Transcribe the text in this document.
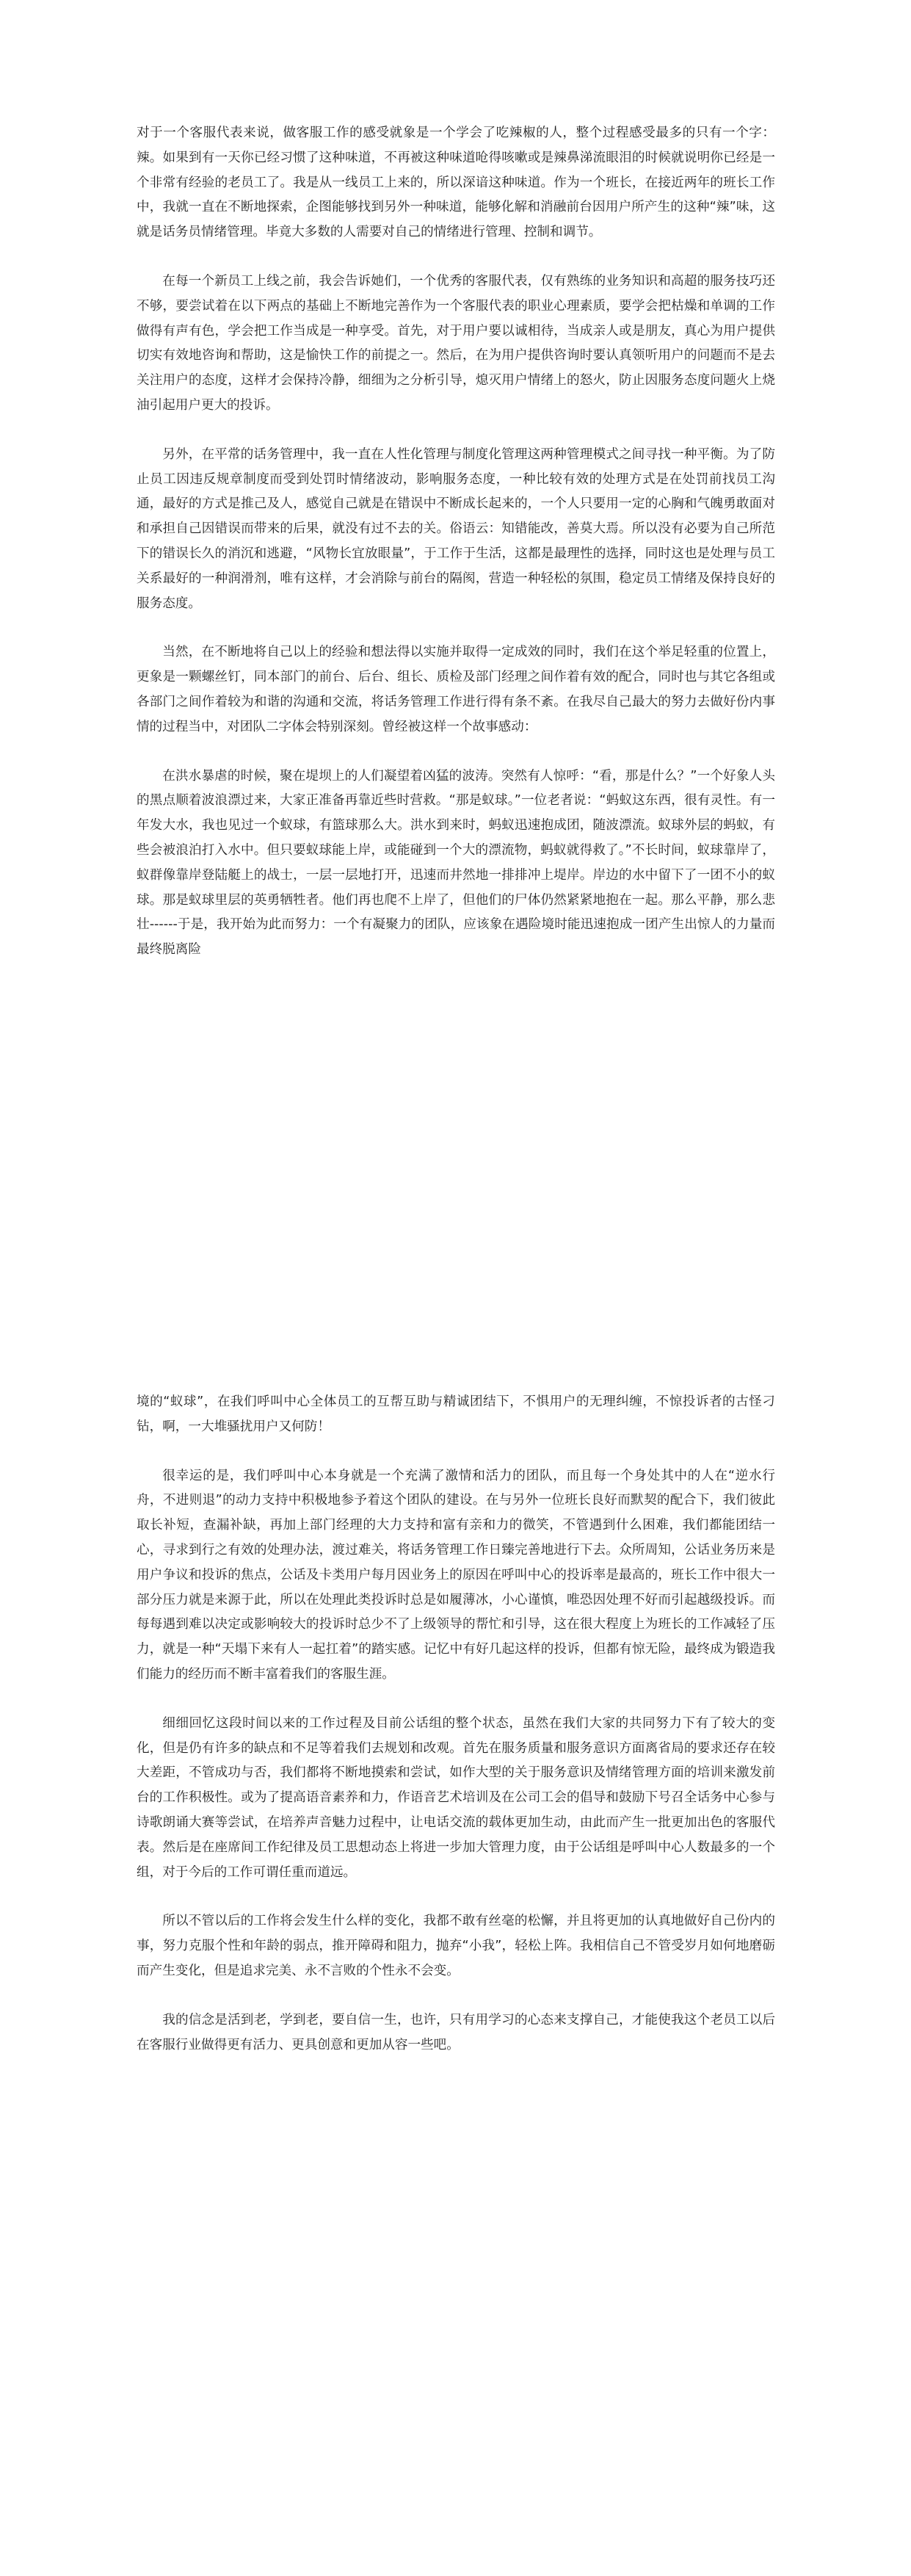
对于一个客服代表来说，做客服工作的感受就象是一个学会了吃辣椒的人，整个过程感受最多的只有一个字：辣。如果到有一天你已经习惯了这种味道，不再被这种味道呛得咳嗽或是辣鼻涕流眼泪的时候就说明你已经是一个非常有经验的老员工了。我是从一线员工上来的，所以深谙这种味道。作为一个班长，在接近两年的班长工作中，我就一直在不断地探索，企图能够找到另外一种味道，能够化解和消融前台因用户所产生的这种“辣”味，这就是话务员情绪管理。毕竟大多数的人需要对自己的情绪进行管理、控制和调节。

在每一个新员工上线之前，我会告诉她们，一个优秀的客服代表，仅有熟练的业务知识和高超的服务技巧还不够，要尝试着在以下两点的基础上不断地完善作为一个客服代表的职业心理素质，要学会把枯燥和单调的工作做得有声有色，学会把工作当成是一种享受。首先，对于用户要以诚相待，当成亲人或是朋友，真心为用户提供切实有效地咨询和帮助，这是愉快工作的前提之一。然后，在为用户提供咨询时要认真领听用户的问题而不是去关注用户的态度，这样才会保持冷静，细细为之分析引导，熄灭用户情绪上的怒火，防止因服务态度问题火上烧油引起用户更大的投诉。

另外，在平常的话务管理中，我一直在人性化管理与制度化管理这两种管理模式之间寻找一种平衡。为了防止员工因违反规章制度而受到处罚时情绪波动，影响服务态度，一种比较有效的处理方式是在处罚前找员工沟通，最好的方式是推己及人，感觉自己就是在错误中不断成长起来的，一个人只要用一定的心胸和气魄勇敢面对和承担自己因错误而带来的后果，就没有过不去的关。俗语云：知错能改，善莫大焉。所以没有必要为自己所范下的错误长久的消沉和逃避，“风物长宜放眼量”，于工作于生活，这都是最理性的选择，同时这也是处理与员工关系最好的一种润滑剂，唯有这样，才会消除与前台的隔阂，营造一种轻松的氛围，稳定员工情绪及保持良好的服务态度。

当然，在不断地将自己以上的经验和想法得以实施并取得一定成效的同时，我们在这个举足轻重的位置上，更象是一颗螺丝钉，同本部门的前台、后台、组长、质检及部门经理之间作着有效的配合，同时也与其它各组或各部门之间作着较为和谐的沟通和交流，将话务管理工作进行得有条不紊。在我尽自己最大的努力去做好份内事情的过程当中，对团队二字体会特别深刻。曾经被这样一个故事感动：

在洪水暴虐的时候，聚在堤坝上的人们凝望着凶猛的波涛。突然有人惊呼：“看，那是什么？”一个好象人头的黑点顺着波浪漂过来，大家正准备再靠近些时营救。“那是蚁球。”一位老者说：“蚂蚁这东西，很有灵性。有一年发大水，我也见过一个蚁球，有篮球那么大。洪水到来时，蚂蚁迅速抱成团，随波漂流。蚁球外层的蚂蚁，有些会被浪泊打入水中。但只要蚁球能上岸，或能碰到一个大的漂流物，蚂蚁就得救了。”不长时间，蚁球靠岸了，蚁群像靠岸登陆艇上的战士，一层一层地打开，迅速而井然地一排排冲上堤岸。岸边的水中留下了一团不小的蚁球。那是蚁球里层的英勇牺牲者。他们再也爬不上岸了，但他们的尸体仍然紧紧地抱在一起。那么平静，那么悲壮------于是，我开始为此而努力：一个有凝聚力的团队，应该象在遇险境时能迅速抱成一团产生出惊人的力量而最终脱离险

境的“蚁球”，在我们呼叫中心全体员工的互帮互助与精诚团结下，不惧用户的无理纠缠，不惊投诉者的古怪刁钻，啊，一大堆骚扰用户又何防！

很幸运的是，我们呼叫中心本身就是一个充满了激情和活力的团队，而且每一个身处其中的人在“逆水行舟，不进则退”的动力支持中积极地参予着这个团队的建设。在与另外一位班长良好而默契的配合下，我们彼此取长补短，查漏补缺，再加上部门经理的大力支持和富有亲和力的微笑，不管遇到什么困难，我们都能团结一心，寻求到行之有效的处理办法，渡过难关，将话务管理工作日臻完善地进行下去。众所周知，公话业务历来是用户争议和投诉的焦点，公话及卡类用户每月因业务上的原因在呼叫中心的投诉率是最高的，班长工作中很大一部分压力就是来源于此，所以在处理此类投诉时总是如履薄冰，小心谨慎，唯恐因处理不好而引起越级投诉。而每每遇到难以决定或影响较大的投诉时总少不了上级领导的帮忙和引导，这在很大程度上为班长的工作减轻了压力，就是一种“天塌下来有人一起扛着”的踏实感。记忆中有好几起这样的投诉，但都有惊无险，最终成为锻造我们能力的经历而不断丰富着我们的客服生涯。

细细回忆这段时间以来的工作过程及目前公话组的整个状态，虽然在我们大家的共同努力下有了较大的变化，但是仍有许多的缺点和不足等着我们去规划和改观。首先在服务质量和服务意识方面离省局的要求还存在较大差距，不管成功与否，我们都将不断地摸索和尝试，如作大型的关于服务意识及情绪管理方面的培训来激发前台的工作积极性。或为了提高语音素养和力，作语音艺术培训及在公司工会的倡导和鼓励下号召全话务中心参与诗歌朗诵大赛等尝试，在培养声音魅力过程中，让电话交流的载体更加生动，由此而产生一批更加出色的客服代表。然后是在座席间工作纪律及员工思想动态上将进一步加大管理力度，由于公话组是呼叫中心人数最多的一个组，对于今后的工作可谓任重而道远。

所以不管以后的工作将会发生什么样的变化，我都不敢有丝毫的松懈，并且将更加的认真地做好自己份内的事，努力克服个性和年龄的弱点，推开障碍和阻力，抛弃“小我”，轻松上阵。我相信自己不管受岁月如何地磨砺而产生变化，但是追求完美、永不言败的个性永不会变。

我的信念是活到老，学到老，要自信一生，也许，只有用学习的心态来支撑自己，才能使我这个老员工以后在客服行业做得更有活力、更具创意和更加从容一些吧。
